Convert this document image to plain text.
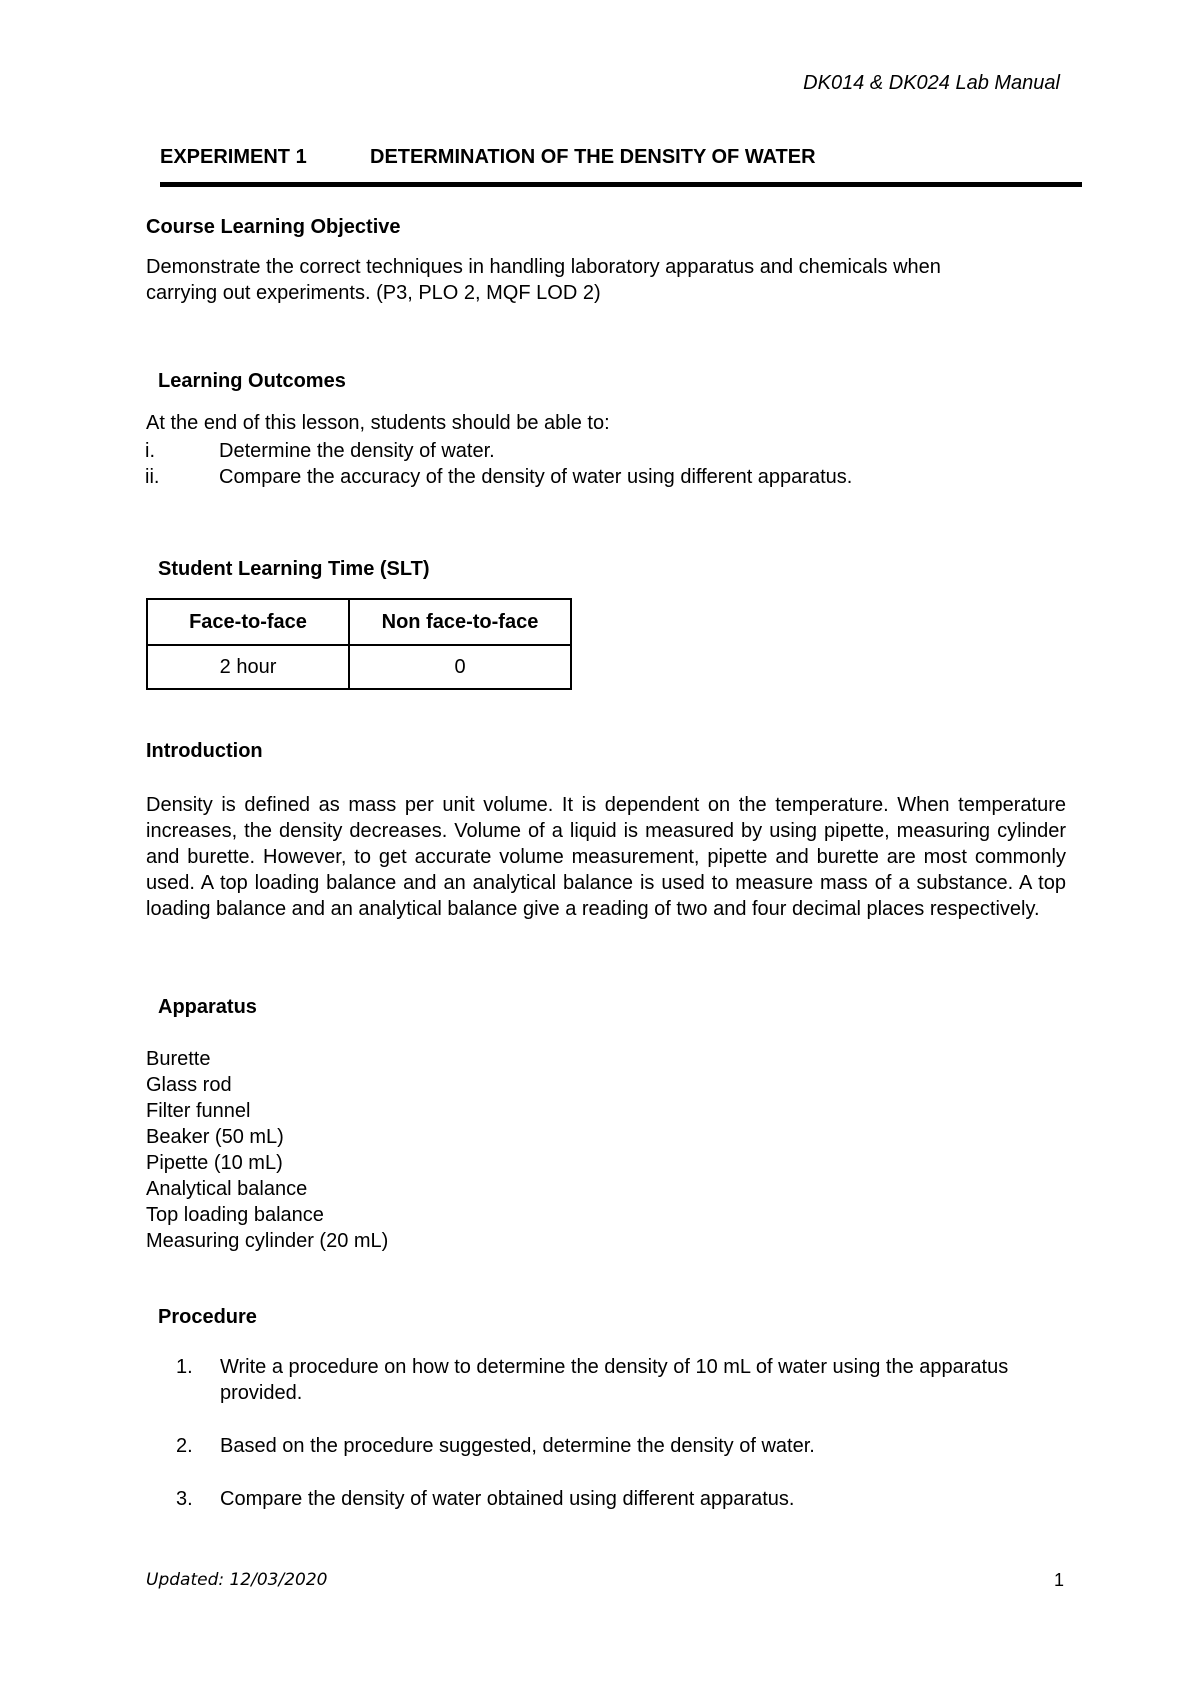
DK014 & DK024 Lab Manual
EXPERIMENT 1	DETERMINATION OF THE DENSITY OF WATER
Course Learning Objective
Demonstrate the correct techniques in handling laboratory apparatus and chemicals when
carrying out experiments. (P3, PLO 2, MQF LOD 2)
Learning Outcomes
At the end of this lesson, students should be able to:
i.	Determine the density of water.
ii.	Compare the accuracy of the density of water using different apparatus.
Student Learning Time (SLT)
Face-to-face	Non face-to-face
2 hour	0
Introduction
Density is defined as mass per unit volume. It is dependent on the temperature. When temperature increases, the density decreases. Volume of a liquid is measured by using pipette, measuring cylinder and burette. However, to get accurate volume measurement, pipette and burette are most commonly used. A top loading balance and an analytical balance is used to measure mass of a substance. A top loading balance and an analytical balance give a reading of two and four decimal places respectively.
Apparatus
Burette
Glass rod
Filter funnel
Beaker (50 mL)
Pipette (10 mL)
Analytical balance
Top loading balance
Measuring cylinder (20 mL)
Procedure
1.	Write a procedure on how to determine the density of 10 mL of water using the apparatus provided.
2.	Based on the procedure suggested, determine the density of water.
3.	Compare the density of water obtained using different apparatus.
Updated: 12/03/2020	1
